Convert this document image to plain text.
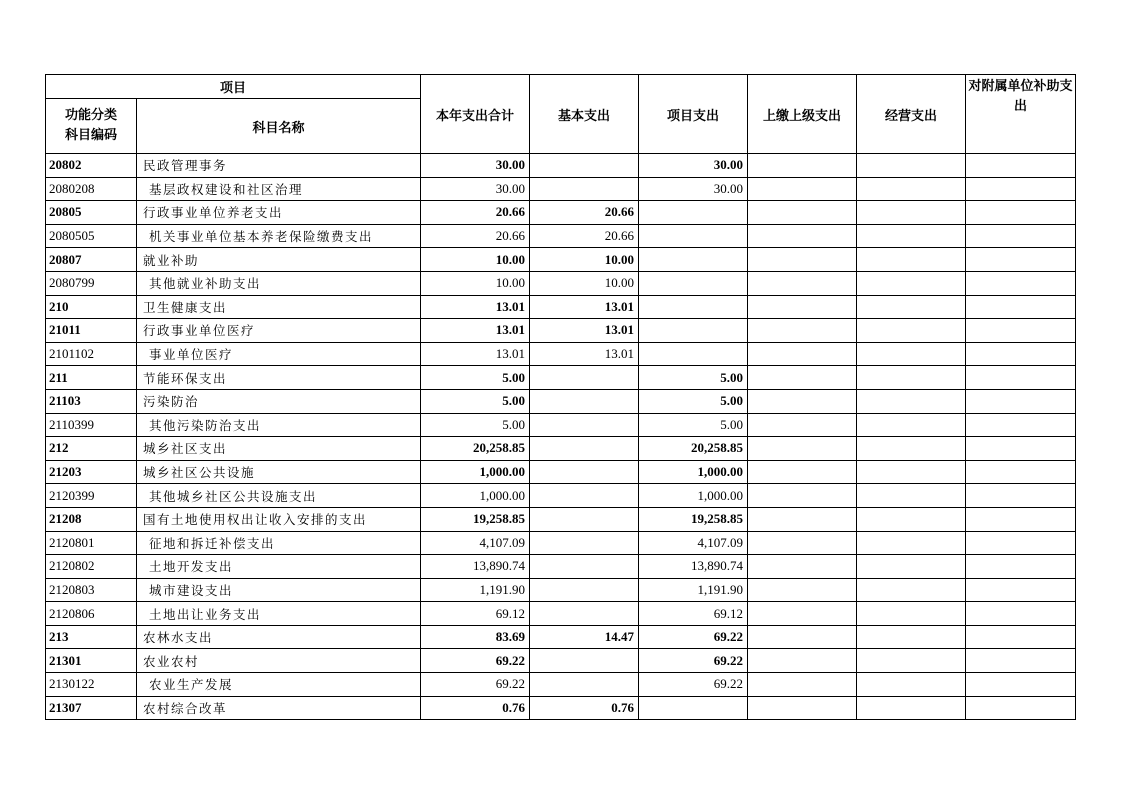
项目		本年支出合计	基本支出	项目支出	上缴上级支出	经营支出	对附属单位补助支出

功能分类
科目编码	科目名称						
20802	民政管理事务	30.00		30.00			
2080208	基层政权建设和社区治理	30.00		30.00			
20805	行政事业单位养老支出	20.66	20.66				
2080505	机关事业单位基本养老保险缴费支出	20.66	20.66				
20807	就业补助	10.00	10.00				
2080799	其他就业补助支出	10.00	10.00				
210	卫生健康支出	13.01	13.01				
21011	行政事业单位医疗	13.01	13.01				
2101102	事业单位医疗	13.01	13.01				
211	节能环保支出	5.00		5.00			
21103	污染防治	5.00		5.00			
2110399	其他污染防治支出	5.00		5.00			
212	城乡社区支出	20,258.85		20,258.85			
21203	城乡社区公共设施	1,000.00		1,000.00			
2120399	其他城乡社区公共设施支出	1,000.00		1,000.00			
21208	国有土地使用权出让收入安排的支出	19,258.85		19,258.85			
2120801	征地和拆迁补偿支出	4,107.09		4,107.09			
2120802	土地开发支出	13,890.74		13,890.74			
2120803	城市建设支出	1,191.90		1,191.90			
2120806	土地出让业务支出	69.12		69.12			
213	农林水支出	83.69	14.47	69.22			
21301	农业农村	69.22		69.22			
2130122	农业生产发展	69.22		69.22			
21307	农村综合改革	0.76	0.76				
